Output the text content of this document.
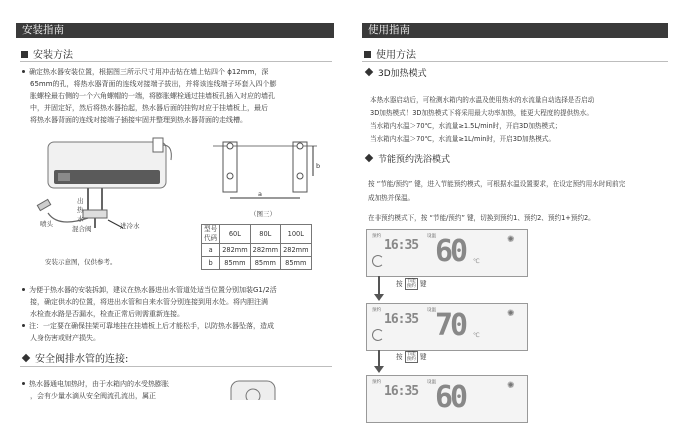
安装指南
安装方法
确定热水器安装位置，根据图三所示尺寸用冲击钻在墙上钻四个 ϕ12mm，深
65mm的孔，将热水器背面的连线对接端子拔出，并将该连线端子环套入四个膨
胀螺栓最右侧的一个六角螺帽的一端，将膨胀螺栓通过挂墙板孔插入对应的墙孔
中，并固定好，然后将热水器抬起，热水器后面的挂钩对应于挂墙板上，最后
将热水器背面的连线对接端子插接牢固并整理到热水器背面的走线槽。
出
热
水
混合阀	进冷水
喷头
安装示意图，仅供参考。
a
b
（图三）
型号
代码	60L	80L	100L
a	282mm	282mm	282mm
b	85mm	85mm	85mm
为便于热水器的安装拆卸，建议在热水器进出水管道处适当位置分别加装G1/2活
接，确定供水的位置，将进出水管和自来水管分别连接到用水处。将内胆注满
水检查水路是否漏水，检查正常后则需重新连接。
注：一定要在确保挂架可靠地挂在挂墙板上后才能松手，以防热水器坠落，造成
人身伤害或财产损失。
安全阀排水管的连接:
热水器通电加热时，由于水箱内的水受热膨胀
，会有少量水滴从安全阀流孔流出，属正
使用指南
使用方法
3D加热模式
本热水器启动后，可检测水箱内的水温及使用热水的水流量自动选择是否启动
3D加热模式！3D加热模式下将采用最大功率加热，能更大程度的提供热水。
当水箱内水温＞70℃，水流量≥1.5L/min时，开启3D加热模式；
当水箱内水温＞70℃，水流量≥1L/min时，开启3D加热模式。
节能预约洗浴模式
按 “节能/预约” 键，进入节能预约模式，可根据水温设置要求，在设定预约用水时间前完
成加热并保温。
在非预约模式下，按 “节能/预约” 键，切换到预约1、预约2、预约1+预约2。
预约	设温
16:35 60 ℃
✺
按 节能
预约 键
预约	设温
16:35 70 ℃
✺
按 节能
预约 键
预约	设温
16:35 60	✺
